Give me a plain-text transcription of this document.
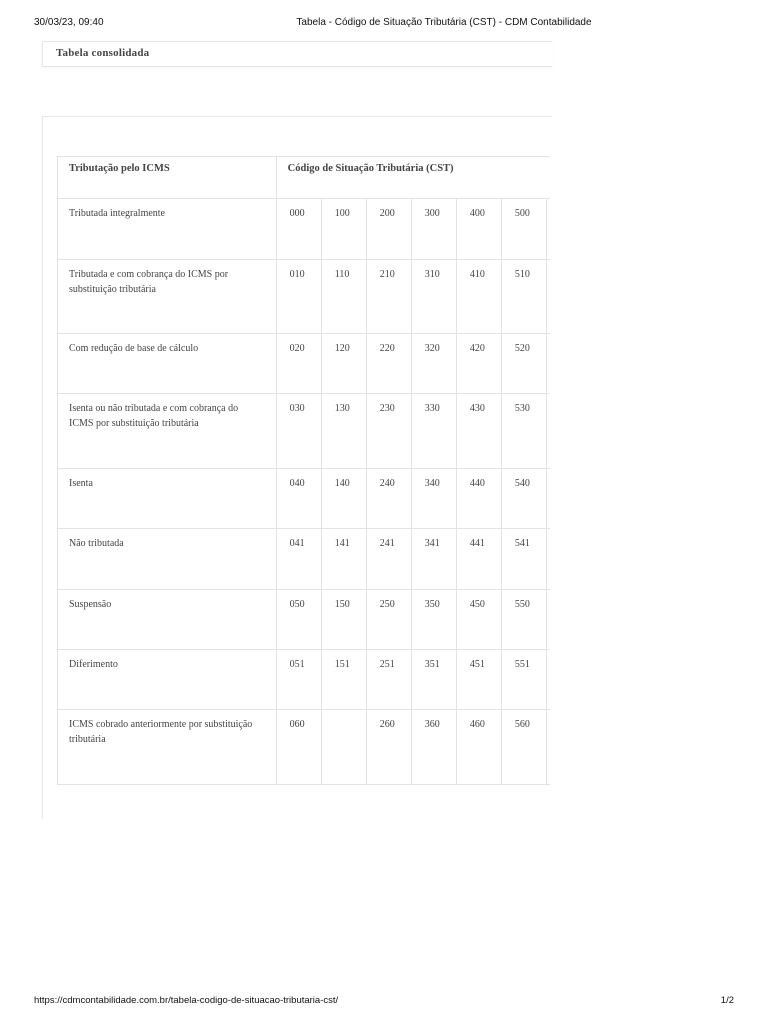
30/03/23, 09:40	Tabela - Código de Situação Tributária (CST) - CDM Contabilidade
Tabela consolidada
Tributação pelo ICMS	Código de Situação Tributária (CST)						
Tributada integralmente	000	100	200	300	400	500	
Tributada e com cobrança do ICMS por substituição tributária	010	110	210	310	410	510	
Com redução de base de cálculo	020	120	220	320	420	520	
Isenta ou não tributada e com cobrança do ICMS por substituição tributária	030	130	230	330	430	530	
Isenta	040	140	240	340	440	540	
Não tributada	041	141	241	341	441	541	
Suspensão	050	150	250	350	450	550	
Diferimento	051	151	251	351	451	551	
ICMS cobrado anteriormente por substituição tributária	060		260	360	460	560	
https://cdmcontabilidade.com.br/tabela-codigo-de-situacao-tributaria-cst/	1/2
